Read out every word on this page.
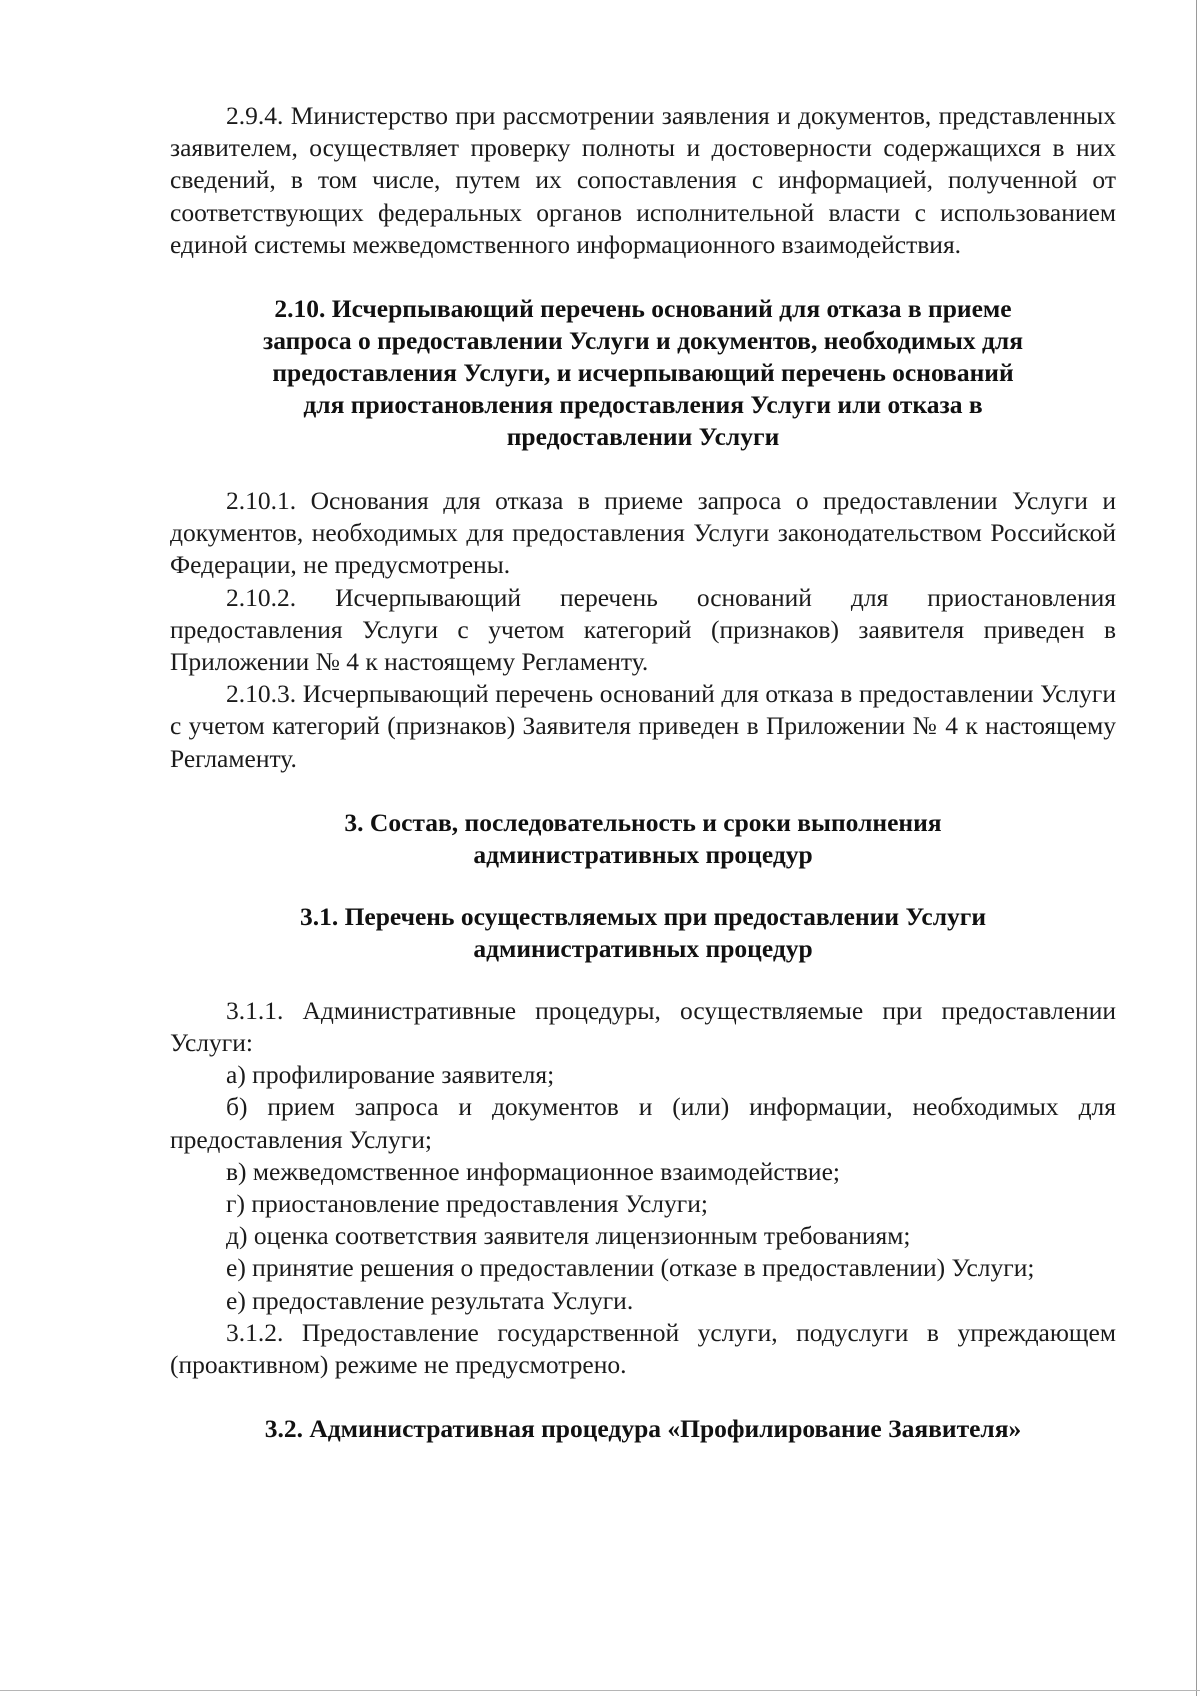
2.9.4. Министерство при рассмотрении заявления и документов, представленных заявителем, осуществляет проверку полноты и достоверности содержащихся в них сведений, в том числе, путем их сопоставления с информацией, полученной от соответствующих федеральных органов исполнительной власти с использованием единой системы межведомственного информационного взаимодействия.

2.10. Исчерпывающий перечень оснований для отказа в приеме запроса о предоставлении Услуги и документов, необходимых для предоставления Услуги, и исчерпывающий перечень оснований для приостановления предоставления Услуги или отказа в предоставлении Услуги

2.10.1. Основания для отказа в приеме запроса о предоставлении Услуги и документов, необходимых для предоставления Услуги законодательством Российской Федерации, не предусмотрены.

2.10.2. Исчерпывающий перечень оснований для приостановления предоставления Услуги с учетом категорий (признаков) заявителя приведен в Приложении № 4 к настоящему Регламенту.

2.10.3. Исчерпывающий перечень оснований для отказа в предоставлении Услуги с учетом категорий (признаков) Заявителя приведен в Приложении № 4 к настоящему Регламенту.

3. Состав, последовательность и сроки выполнения административных процедур

3.1. Перечень осуществляемых при предоставлении Услуги административных процедур

3.1.1. Административные процедуры, осуществляемые при предоставлении Услуги:

а) профилирование заявителя;

б) прием запроса и документов и (или) информации, необходимых для предоставления Услуги;

в) межведомственное информационное взаимодействие;

г) приостановление предоставления Услуги;

д) оценка соответствия заявителя лицензионным требованиям;

е) принятие решения о предоставлении (отказе в предоставлении) Услуги;

е) предоставление результата Услуги.

3.1.2. Предоставление государственной услуги, подуслуги в упреждающем (проактивном) режиме не предусмотрено.

3.2. Административная процедура «Профилирование Заявителя»
